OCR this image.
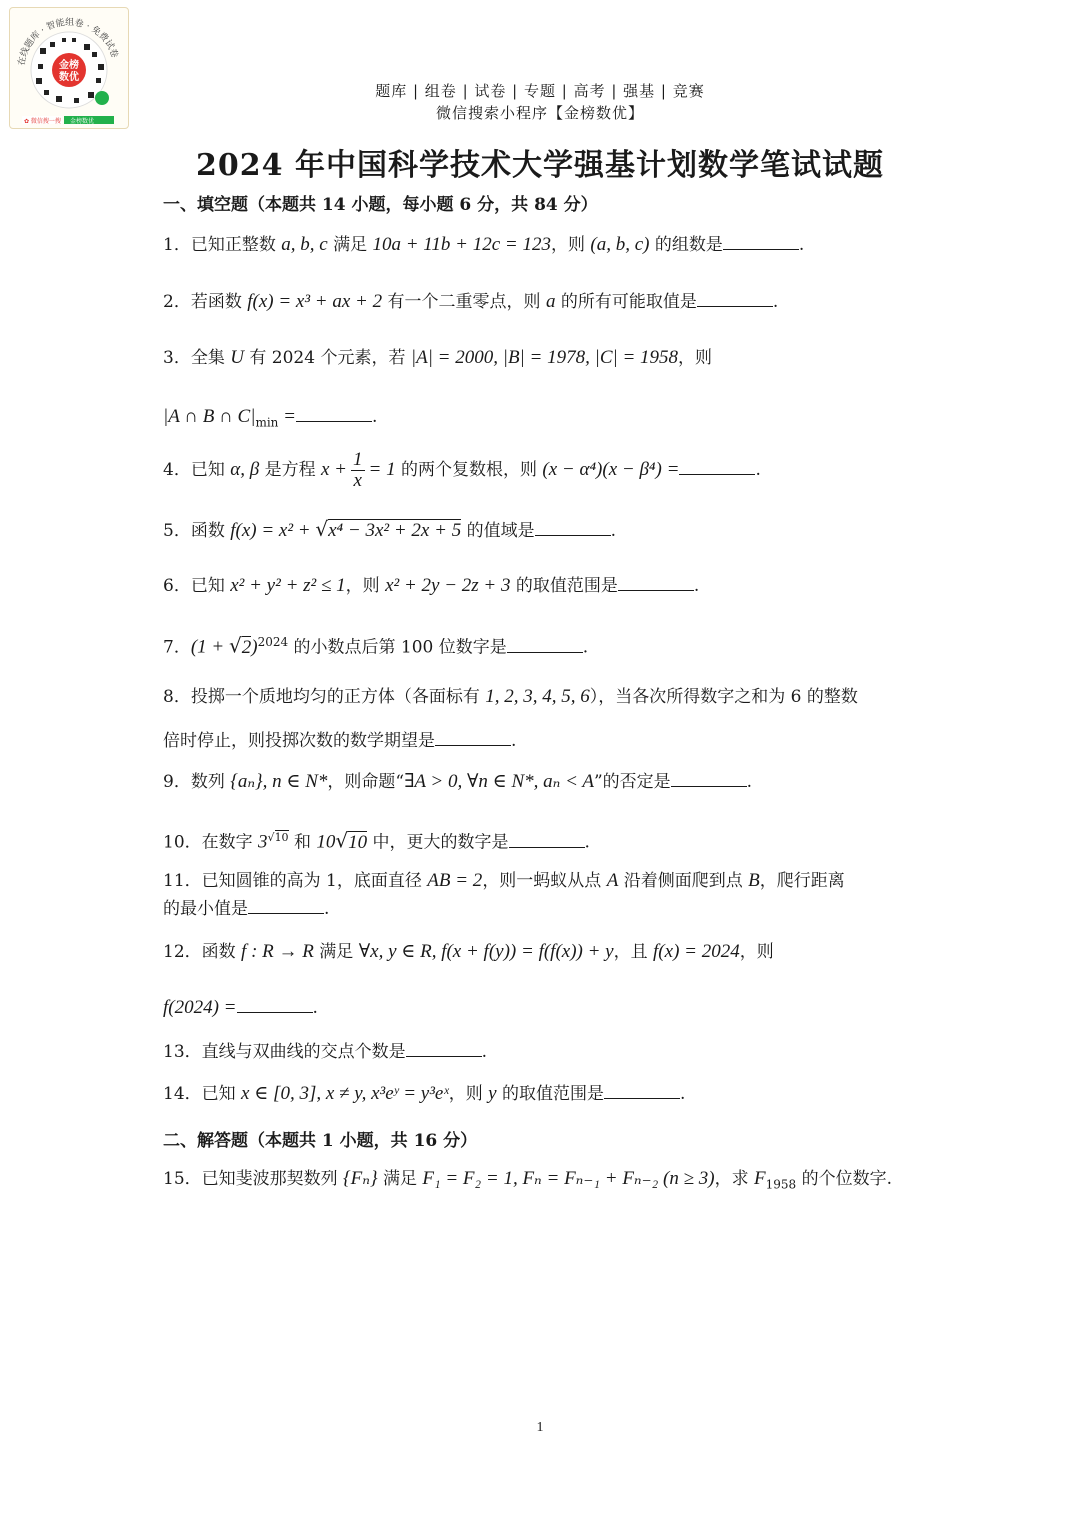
在线题库 · 智能组卷 · 免费试卷
金榜
数优
✿ 微信搜一搜 金榜数优
题库 | 组卷 | 试卷 | 专题 | 高考 | 强基 | 竞赛
微信搜索小程序【金榜数优】
2024 年中国科学技术大学强基计划数学笔试试题
一、填空题（本题共 14 小题，每小题 6 分，共 84 分）
1．已知正整数 a, b, c 满足 10a + 11b + 12c = 123，则 (a, b, c) 的组数是	.
2．若函数 f(x) = x³ + ax + 2 有一个二重零点，则 a 的所有可能取值是	.
3．全集 U 有 2024 个元素，若 |A| = 2000, |B| = 1978, |C| = 1958，则
|A ∩ B ∩ $C|_{min}$ =	.
4．已知 α, β 是方程 $x + \frac{1}{x} = 1$ 的两个复数根，则 (x − α⁴)(x − β⁴) =	.
5．函数 f(x) = x² + √x⁴ − 3x² + 2x + 5 的值域是	.
6．已知 x² + y² + z² ≤ 1，则 x² + 2y − 2z + 3 的取值范围是	.
7．$(1 + √2)^{2024}$ 的小数点后第 100 位数字是	.
8．投掷一个质地均匀的正方体（各面标有 1, 2, 3, 4, 5, 6），当各次所得数字之和为 6 的整数
倍时停止，则投掷次数的数学期望是	.
9．数列 {aₙ}, n ∈ N*，则命题“∃A > 0, ∀n ∈ N*, aₙ < A”的否定是	.
10．在数字 $3^{√10}$ 和 10√10 中，更大的数字是	.
11．已知圆锥的高为 1，底面直径 AB = 2，则一蚂蚁从点 A 沿着侧面爬到点 B，爬行距离
的最小值是	.
12．函数 f : R → R 满足 ∀x, y ∈ R, f(x + f(y)) = f(f(x)) + y，且 f(x) = 2024，则
f(2024) =	.
13．直线与双曲线的交点个数是	.
14．已知 x ∈ [0, 3], x ≠ y, x³eʸ = y³eˣ，则 y 的取值范围是	.
二、解答题（本题共 1 小题，共 16 分）
15．已知斐波那契数列 {Fₙ} 满足 F₁ = F₂ = 1, Fₙ = Fₙ₋₁ + Fₙ₋₂ (n ≥ 3)，求 $F_{1958}$ 的个位数字.
1
